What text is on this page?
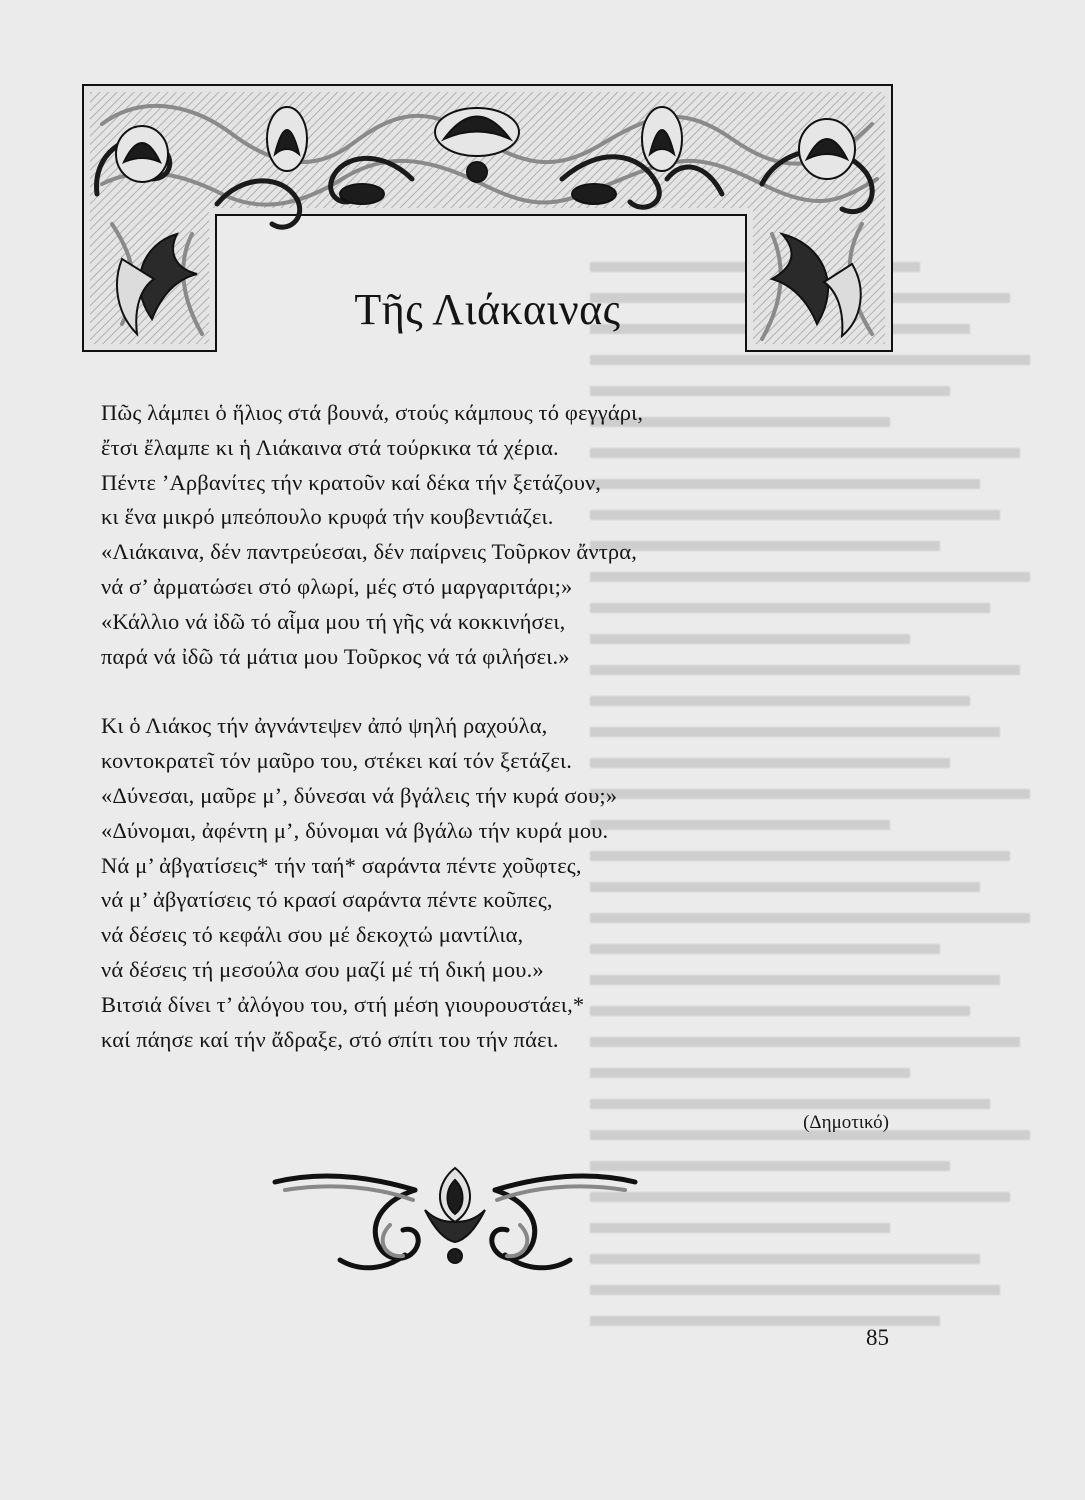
Τῆς Λιάκαινας

Πῶς λάμπει ὁ ἥλιος στά βουνά, στούς κάμπους τό φεγγάρι,
ἔτσι ἔλαμπε κι ἡ Λιάκαινα στά τούρκικα τά χέρια.
Πέντε ’Αρβανίτες τήν κρατοῦν καί δέκα τήν ξετάζουν,
κι ἕνα μικρό μπεόπουλο κρυφά τήν κουβεντιάζει.
«Λιάκαινα, δέν παντρεύεσαι, δέν παίρνεις Τοῦρκον ἄντρα,
νά σ’ ἀρματώσει στό φλωρί, μές στό μαργαριτάρι;»
«Κάλλιο νά ἰδῶ τό αἷμα μου τή γῆς νά κοκκινήσει,
παρά νά ἰδῶ τά μάτια μου Τοῦρκος νά τά φιλήσει.»

Κι ὁ Λιάκος τήν ἀγνάντεψεν ἀπό ψηλή ραχούλα,
κοντοκρατεῖ τόν μαῦρο του, στέκει καί τόν ξετάζει.
«Δύνεσαι, μαῦρε μ’, δύνεσαι νά βγάλεις τήν κυρά σου;»
«Δύνομαι, ἀφέντη μ’, δύνομαι νά βγάλω τήν κυρά μου.
Νά μ’ ἀβγατίσεις* τήν ταή* σαράντα πέντε χοῦφτες,
νά μ’ ἀβγατίσεις τό κρασί σαράντα πέντε κοῦπες,
νά δέσεις τό κεφάλι σου μέ δεκοχτώ μαντίλια,
νά δέσεις τή μεσούλα σου μαζί μέ τή δική μου.»
Βιτσιά δίνει τ’ ἀλόγου του, στή μέση γιουρουστάει,*
καί πάησε καί τήν ἄδραξε, στό σπίτι του τήν πάει.

(Δημοτικό)
85
